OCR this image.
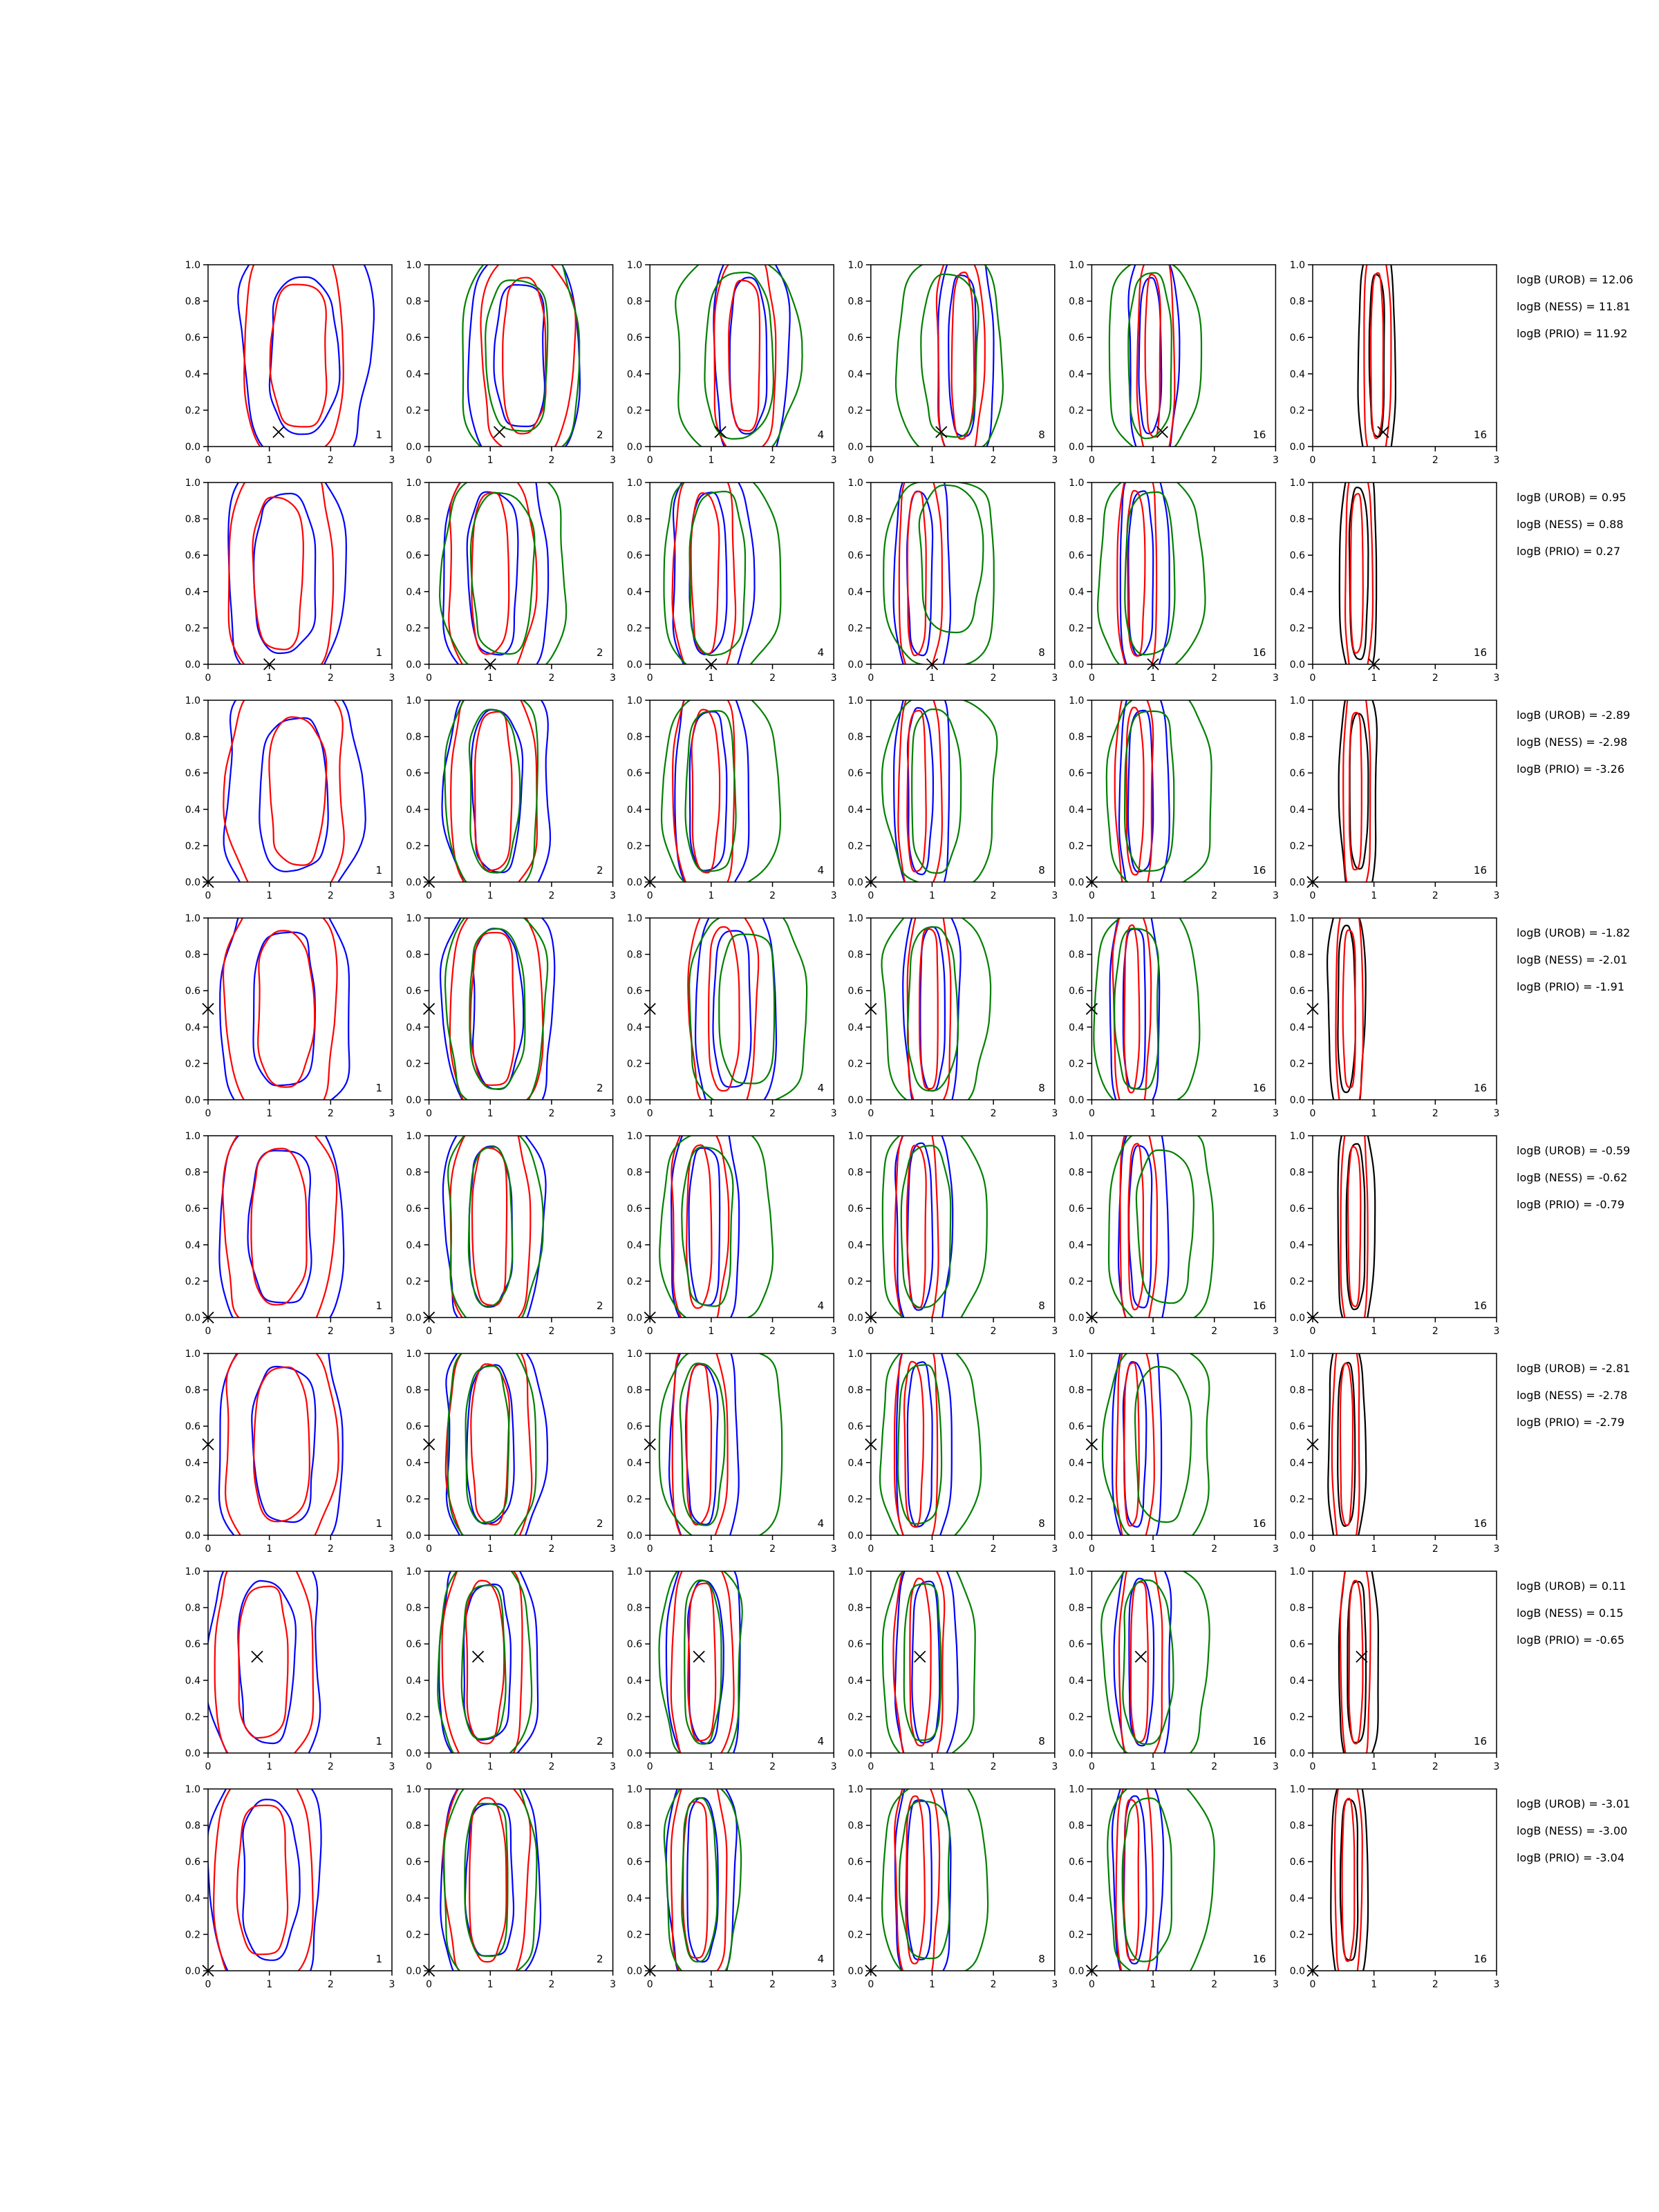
0.0
0.2
0.4
0.6
0.8
1.0
0	1	2	3
1
0.0
0.2
0.4
0.6
0.8
1.0
0	1	2	3
2
0.0
0.2
0.4
0.6
0.8
1.0
0	1	2	3
4
0.0
0.2
0.4
0.6
0.8
1.0
0	1	2	3
8
0.0
0.2
0.4
0.6
0.8
1.0
0	1	2	3
16
0.0
0.2
0.4
0.6
0.8
1.0
0	1	2	3
16
logB (UROB) = 12.06
logB (NESS) = 11.81
logB (PRIO) = 11.92
0.0
0.2
0.4
0.6
0.8
1.0
0	1	2	3
1
0.0
0.2
0.4
0.6
0.8
1.0
0	1	2	3
2
0.0
0.2
0.4
0.6
0.8
1.0
0	1	2	3
4
0.0
0.2
0.4
0.6
0.8
1.0
0	1	2	3
8
0.0
0.2
0.4
0.6
0.8
1.0
0	1	2	3
16
0.0
0.2
0.4
0.6
0.8
1.0
0	1	2	3
16
logB (UROB) = 0.95
logB (NESS) = 0.88
logB (PRIO) = 0.27
0.0
0.2
0.4
0.6
0.8
1.0
0	1	2	3
1
0.0
0.2
0.4
0.6
0.8
1.0
0	1	2	3
2
0.0
0.2
0.4
0.6
0.8
1.0
0	1	2	3
4
0.0
0.2
0.4
0.6
0.8
1.0
0	1	2	3
8
0.0
0.2
0.4
0.6
0.8
1.0
0	1	2	3
16
0.0
0.2
0.4
0.6
0.8
1.0
0	1	2	3
16
logB (UROB) = -2.89
logB (NESS) = -2.98
logB (PRIO) = -3.26
0.0
0.2
0.4
0.6
0.8
1.0
0	1	2	3
1
0.0
0.2
0.4
0.6
0.8
1.0
0	1	2	3
2
0.0
0.2
0.4
0.6
0.8
1.0
0	1	2	3
4
0.0
0.2
0.4
0.6
0.8
1.0
0	1	2	3
8
0.0
0.2
0.4
0.6
0.8
1.0
0	1	2	3
16
0.0
0.2
0.4
0.6
0.8
1.0
0	1	2	3
16
logB (UROB) = -1.82
logB (NESS) = -2.01
logB (PRIO) = -1.91
0.0
0.2
0.4
0.6
0.8
1.0
0	1	2	3
1
0.0
0.2
0.4
0.6
0.8
1.0
0	1	2	3
2
0.0
0.2
0.4
0.6
0.8
1.0
0	1	2	3
4
0.0
0.2
0.4
0.6
0.8
1.0
0	1	2	3
8
0.0
0.2
0.4
0.6
0.8
1.0
0	1	2	3
16
0.0
0.2
0.4
0.6
0.8
1.0
0	1	2	3
16
logB (UROB) = -0.59
logB (NESS) = -0.62
logB (PRIO) = -0.79
0.0
0.2
0.4
0.6
0.8
1.0
0	1	2	3
1
0.0
0.2
0.4
0.6
0.8
1.0
0	1	2	3
2
0.0
0.2
0.4
0.6
0.8
1.0
0	1	2	3
4
0.0
0.2
0.4
0.6
0.8
1.0
0	1	2	3
8
0.0
0.2
0.4
0.6
0.8
1.0
0	1	2	3
16
0.0
0.2
0.4
0.6
0.8
1.0
0	1	2	3
16
logB (UROB) = -2.81
logB (NESS) = -2.78
logB (PRIO) = -2.79
0.0
0.2
0.4
0.6
0.8
1.0
0	1	2	3
1
0.0
0.2
0.4
0.6
0.8
1.0
0	1	2	3
2
0.0
0.2
0.4
0.6
0.8
1.0
0	1	2	3
4
0.0
0.2
0.4
0.6
0.8
1.0
0	1	2	3
8
0.0
0.2
0.4
0.6
0.8
1.0
0	1	2	3
16
0.0
0.2
0.4
0.6
0.8
1.0
0	1	2	3
16
logB (UROB) = 0.11
logB (NESS) = 0.15
logB (PRIO) = -0.65
0.0
0.2
0.4
0.6
0.8
1.0
0	1	2	3
1
0.0
0.2
0.4
0.6
0.8
1.0
0	1	2	3
2
0.0
0.2
0.4
0.6
0.8
1.0
0	1	2	3
4
0.0
0.2
0.4
0.6
0.8
1.0
0	1	2	3
8
0.0
0.2
0.4
0.6
0.8
1.0
0	1	2	3
16
0.0
0.2
0.4
0.6
0.8
1.0
0	1	2	3
16
logB (UROB) = -3.01
logB (NESS) = -3.00
logB (PRIO) = -3.04
